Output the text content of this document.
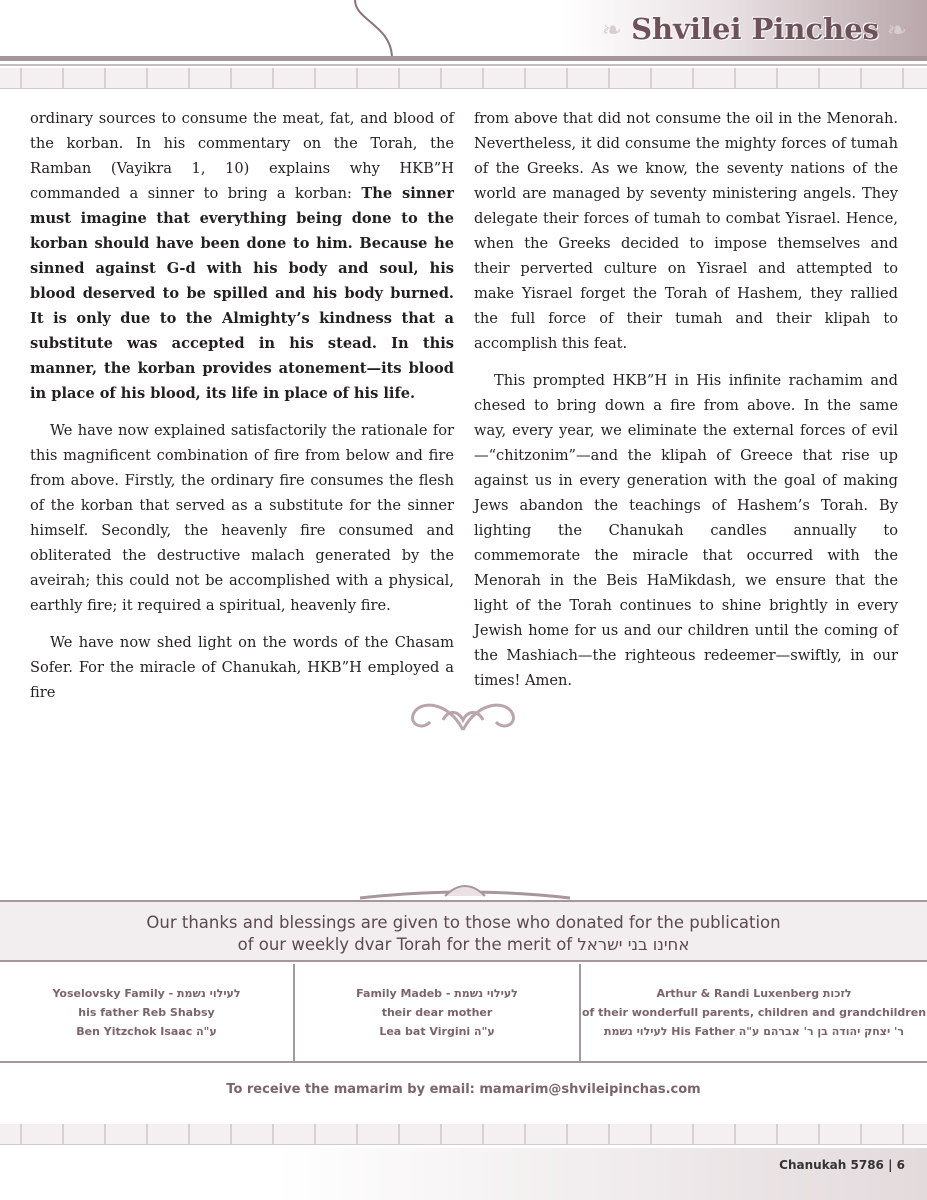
❧ Shvilei Pinches ❧

ordinary sources to consume the meat, fat, and blood of the korban. In his commentary on the Torah, the Ramban (Vayikra 1, 10) explains why HKB”H commanded a sinner to bring a korban: The sinner must imagine that everything being done to the korban should have been done to him. Because he sinned against G-d with his body and soul, his blood deserved to be spilled and his body burned. It is only due to the Almighty’s kindness that a substitute was accepted in his stead. In this manner, the korban provides atonement—its blood in place of his blood, its life in place of his life.

We have now explained satisfactorily the rationale for this magnificent combination of fire from below and fire from above. Firstly, the ordinary fire consumes the flesh of the korban that served as a substitute for the sinner himself. Secondly, the heavenly fire consumed and obliterated the destructive malach generated by the aveirah; this could not be accomplished with a physical, earthly fire; it required a spiritual, heavenly fire.

We have now shed light on the words of the Chasam Sofer. For the miracle of Chanukah, HKB”H employed a fire

from above that did not consume the oil in the Menorah. Nevertheless, it did consume the mighty forces of tumah of the Greeks. As we know, the seventy nations of the world are managed by seventy ministering angels. They delegate their forces of tumah to combat Yisrael. Hence, when the Greeks decided to impose themselves and their perverted culture on Yisrael and attempted to make Yisrael forget the Torah of Hashem, they rallied the full force of their tumah and their klipah to accomplish this feat.

This prompted HKB”H in His infinite rachamim and chesed to bring down a fire from above. In the same way, every year, we eliminate the external forces of evil—“chitzonim”—and the klipah of Greece that rise up against us in every generation with the goal of making Jews abandon the teachings of Hashem’s Torah. By lighting the Chanukah candles annually to commemorate the miracle that occurred with the Menorah in the Beis HaMikdash, we ensure that the light of the Torah continues to shine brightly in every Jewish home for us and our children until the coming of the Mashiach—the righteous redeemer—swiftly, in our times! Amen.

Our thanks and blessings are given to those who donated for the publication
of our weekly dvar Torah for the merit of אחינו בני ישראל
Yoselovsky Family - לעילוי נשמת
his father Reb Shabsy
Ben Yitzchok Isaac ע"ה
Family Madeb - לעילוי נשמת
their dear mother
Lea bat Virgini ע"ה
Arthur & Randi Luxenberg לזכות
of their wonderfull parents, children and grandchildren
לעילוי נשמת His Father ר' יצחק יהודה בן ר' אברהם ע"ה
To receive the mamarim by email: mamarim@shvileipinchas.com
Chanukah 5786 | 6
